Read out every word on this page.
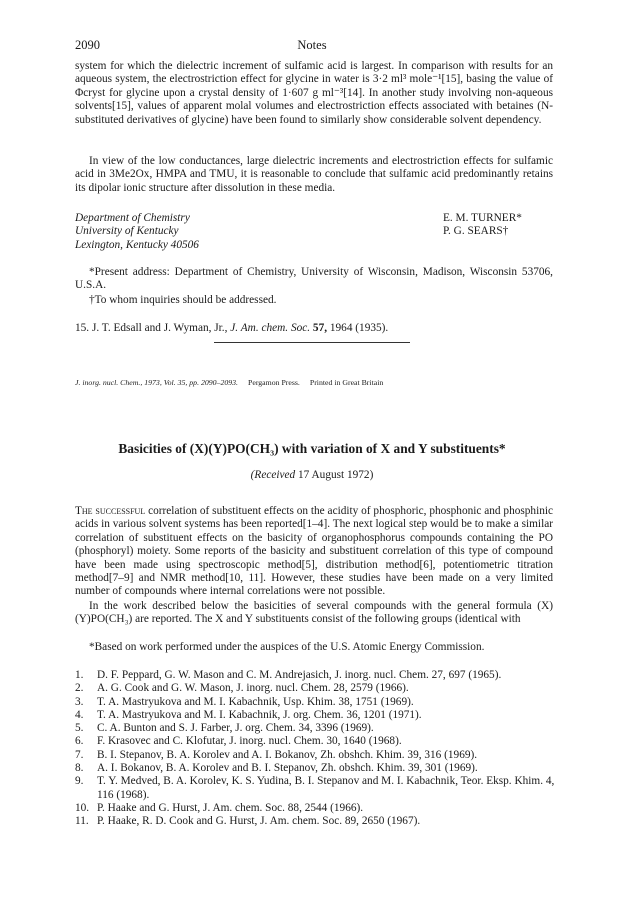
Notes
2090
system for which the dielectric increment of sulfamic acid is largest. In comparison with results for an aqueous system, the electrostriction effect for glycine in water is 3·2 ml³ mole⁻¹[15], basing the value of Φcryst for glycine upon a crystal density of 1·607 g ml⁻³[14]. In another study involving non-aqueous solvents[15], values of apparent molal volumes and electrostriction effects associated with betaines (N-substituted derivatives of glycine) have been found to similarly show considerable solvent dependency.
In view of the low conductances, large dielectric increments and electrostriction effects for sulfamic acid in 3Me2Ox, HMPA and TMU, it is reasonable to conclude that sulfamic acid predominantly retains its dipolar ionic structure after dissolution in these media.
Department of Chemistry
University of Kentucky
Lexington, Kentucky 40506
E. M. TURNER*
P. G. SEARS†
*Present address: Department of Chemistry, University of Wisconsin, Madison, Wisconsin 53706, U.S.A.
†To whom inquiries should be addressed.
15. J. T. Edsall and J. Wyman, Jr., J. Am. chem. Soc. 57, 1964 (1935).
J. inorg. nucl. Chem., 1973, Vol. 35, pp. 2090–2093. Pergamon Press. Printed in Great Britain
Basicities of (X)(Y)PO(CH₃) with variation of X and Y substituents*
(Received 17 August 1972)
The successful correlation of substituent effects on the acidity of phosphoric, phosphonic and phosphinic acids in various solvent systems has been reported[1–4]. The next logical step would be to make a similar correlation of substituent effects on the basicity of organophosphorus compounds containing the PO (phosphoryl) moiety. Some reports of the basicity and substituent correlation of this type of compound have been made using spectroscopic method[5], distribution method[6], potentiometric titration method[7–9] and NMR method[10, 11]. However, these studies have been made on a very limited number of compounds where internal correlations were not possible.
In the work described below the basicities of several compounds with the general formula (X)(Y)PO(CH₃) are reported. The X and Y substituents consist of the following groups (identical with
*Based on work performed under the auspices of the U.S. Atomic Energy Commission.
1. D. F. Peppard, G. W. Mason and C. M. Andrejasich, J. inorg. nucl. Chem. 27, 697 (1965).
2. A. G. Cook and G. W. Mason, J. inorg. nucl. Chem. 28, 2579 (1966).
3. T. A. Mastryukova and M. I. Kabachnik, Usp. Khim. 38, 1751 (1969).
4. T. A. Mastryukova and M. I. Kabachnik, J. org. Chem. 36, 1201 (1971).
5. C. A. Bunton and S. J. Farber, J. org. Chem. 34, 3396 (1969).
6. F. Krasovec and C. Klofutar, J. inorg. nucl. Chem. 30, 1640 (1968).
7. B. I. Stepanov, B. A. Korolev and A. I. Bokanov, Zh. obshch. Khim. 39, 316 (1969).
8. A. I. Bokanov, B. A. Korolev and B. I. Stepanov, Zh. obshch. Khim. 39, 301 (1969).
9. T. Y. Medved, B. A. Korolev, K. S. Yudina, B. I. Stepanov and M. I. Kabachnik, Teor. Eksp. Khim. 4, 116 (1968).
10. P. Haake and G. Hurst, J. Am. chem. Soc. 88, 2544 (1966).
11. P. Haake, R. D. Cook and G. Hurst, J. Am. chem. Soc. 89, 2650 (1967).
